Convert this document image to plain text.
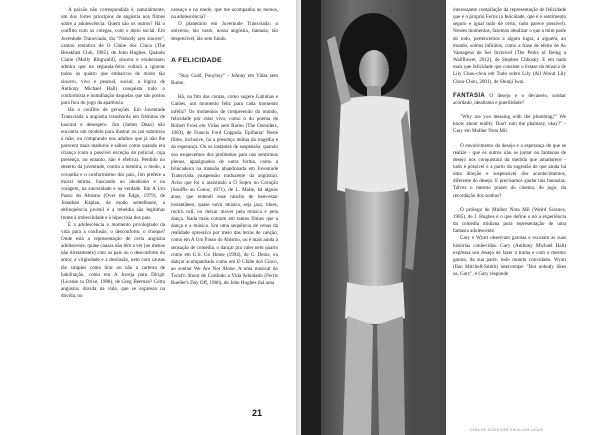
A paixão não correspondida é, naturalmente, um dos fortes princípios de angústia nos filmes sobre a adolescência. Quem são os outros? Há o conflito com os colegas, com o meio social. Em Juventude Transviada, diz "Nobody acts sincere", cantou tentativa de O Clube dos Cinco (The Breakfast Club, 1985), de John Hughes. Quando Claire (Molly Ringwald), sincera e exuberante, admira que na segunda-feira voltará a ignorar todos os quatro que embarcou de modo tão sincero, vivo e pessoal, social; a lógica de Anthony Michael Hall) conquista tudo o conformista e humilhação daquelas que são postos para fora do jogo da aparência.

Há o conflito de gerações. Em Juventude Transviada a angústia transborda em frêmitos de loucura e desespero. Jim (James Dean) não encontra um modelo para ilustrar ou pai submisso à mãe, ou comprando nos adultos que já não lhe parecem mais maduros e sábios como quando era criança (com a possível exceção do policial, cuja presença, no entanto, não é efetiva). Perdido no deserto da juventude, contra a mentira, o medo, a covardia e o conformismo dos pais, Jim prefere a moral íntima, buscando no idealismo e na coragem, na sinceridade e na verdade. Em A Um Passo do Abismo (Over the Edge, 1979), de Jonathan Kaplan, de modo semelhante, a delinquência juvenil e a rebeldia são legítimas frente à imbecilidade e à hipocrisia dos pais.

É a adolescência o momento privilegiado da vida para a confusão, o desconforto, o choque? Onde está a representação de certa angústia adolescente, quase causas não têm a ver (ao menos não diretamente) com os pais ou o desconforto do amor, a virgindade e a desilusão, nem com causas tão simples como tirar ou não a carteira de habilitação, como em A Inveja para Dirigir (License to Drive, 1988), de Greg Beeman? Certa angústia, dúvida na vida, que se expressa na dúvida, no

cansaço e no medo, que me acompanha ao menos, na adolescência?

O planetário em Juventude Transviada: o universo, tão vasto, nossa angústia, fantasia, tão desprezível, tão sem fundo.

A FELICIDADE

"Stay Gold, Ponyboy" - Johnny em Vidas sem Rumo.

Há, no fim das contas, como sugere Gatinhas e Gatões, um momento feliz para cada momento infeliz? Os momentos de compreendo do mundo, felicidade por estar vivo, como o do poema de Robert Frost em Vidas sem Rumo (The Outsiders, 1983), de Francis Ford Coppola. Epifania! Neste filme, inclusive, há a presença mútua da tragédia e da esperança. Ou os instantes de suspensão, quando nos esquecemos dos problemas para nos sentirmos plenos, apaziguados de outra forma, como a brincadeira na mansão abandonada em Juventude Transviada (suspensão traduzente da angústia). Acho que foi o assistindo a O Sopro no Coração (Souffle au Coeur, 1971), de L. Malle, há alguns anos, que entendi esse ranchо de bem-estar instantâneo, quase ouvir música, seja jazz, blues, rock'n roll, ou deixar mover pela música e pela dança. Nada mais comum em tantos filmes que a dança e a música. Em uma sequência de cenas da realidade opressiva por meio das letras de canção, como em A Um Passo do Abismo, ou é mais ainda à sensação de comédia, o dançar pra valer nem quarto como em U.S. Go Home (1994), de C. Denis, ou dançar acompanhado como em O Clube dos Cinco, ao sonhar We Are Not Alone. A uma musical do Twist'n Shout de Curtindo a Vida Adoidado (Ferris Bueller's Day Off, 1986), de John Hughes (há uma

21

interessante compilação da representação de felicidade que é o próprio Ferris (a felicidade, que é o sentimento seguro e igual tudo de certo, tudo parece possível). Nesses momentos, fazemos idealizar o que a mim parte do todo, pertencemos a algum lugar, a alguém, ao mundo, somos infinitos, como a frase de efeito de As Vantagens de Ser Invisível (The Perks of Being a Wallflower, 2012), de Stephen Chbosky. E em nada mais que felicidade que consiste o êxtase da música de Lily Chou-chou em Tudo sobre Lily (All About Lily Chou-Chou, 2001), de Shunji Iwai.

FANTASIA O desejo e o devaneio, sonhar acordado, idealismo e puerilidade?

"Why are you messing with the plumbing?" We know about reality. Don't ruin the phantasy, okay?" - Gary em Mulher Nota Mil.

O envolvimento do desejo e a esperança de que se realize - que os outros irão se juntar ou fantasias de desejo nos conquistará da medida que amadurece - tudo é possível e a partir da sugestão de que ainda há uma direção e suspensível dos acontecimentos, diferente do desejo. E precisamos ajudar tais fantasias. Talvez o mesmo prazer do cinema, do jogo, da recordação dos sonhos?

O prólogo de Mulher Nota Mil (Weird Science, 1985), de J. Hughes é o que define o nó a experiência da comédia midiana pura representação de uma fantasia adolescente.

Gary e Wyatt observam garotas e escutam as suas histórias conhecidas. Gary (Anthony Michael Hall) expressa seu desejo de fazer a tramа e com o mesmo garoto, da sua parte, todo mundo convidado. Wyatt (Ilan Mitchell-Smith) interrompe: "But nobody likes us, Gary", e Gary responde

CENA DE JUVENTUDE EM ALGUM LUGAR
